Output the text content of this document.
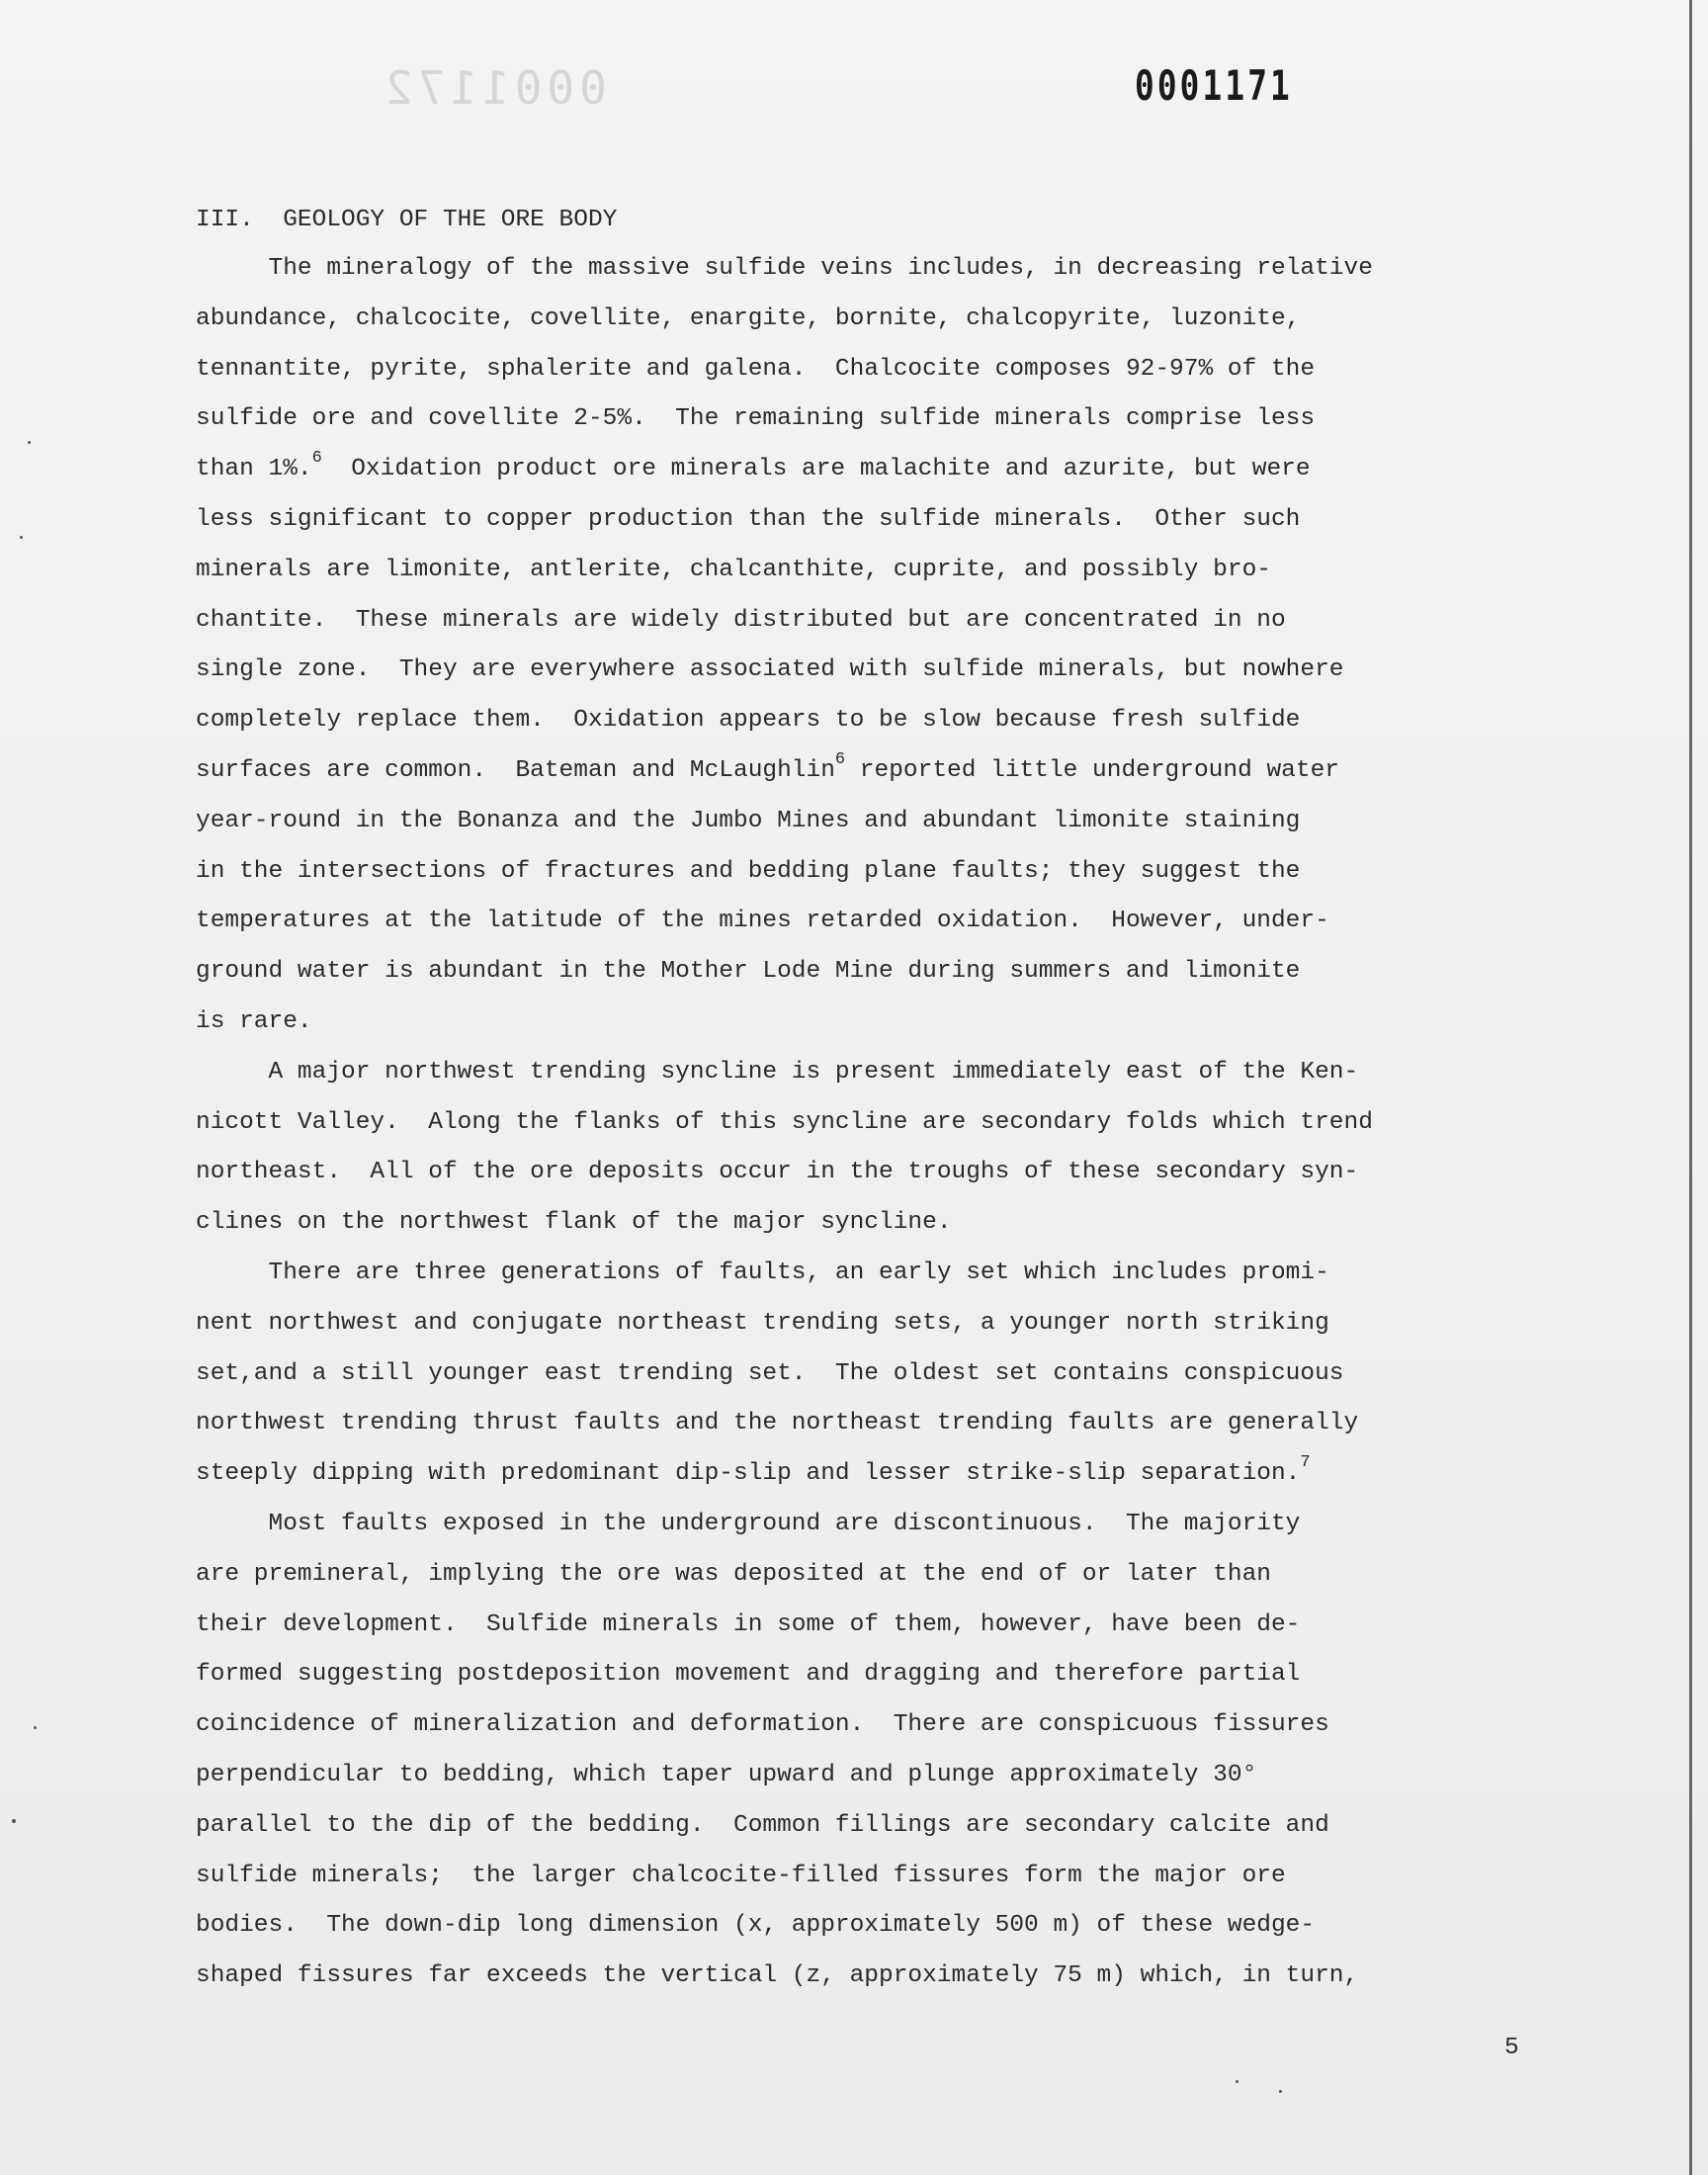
0001172	0001171
III.  GEOLOGY OF THE ORE BODY
The mineralogy of the massive sulfide veins includes, in decreasing relative
abundance, chalcocite, covellite, enargite, bornite, chalcopyrite, luzonite,
tennantite, pyrite, sphalerite and galena.  Chalcocite composes 92-97% of the
sulfide ore and covellite 2-5%.  The remaining sulfide minerals comprise less
than 1%.$^6$  Oxidation product ore minerals are malachite and azurite, but were
less significant to copper production than the sulfide minerals.  Other such
minerals are limonite, antlerite, chalcanthite, cuprite, and possibly bro-
chantite.  These minerals are widely distributed but are concentrated in no
single zone.  They are everywhere associated with sulfide minerals, but nowhere
completely replace them.  Oxidation appears to be slow because fresh sulfide
surfaces are common.  Bateman and McLaughlin$^6$ reported little underground water
year-round in the Bonanza and the Jumbo Mines and abundant limonite staining
in the intersections of fractures and bedding plane faults; they suggest the
temperatures at the latitude of the mines retarded oxidation.  However, under-
ground water is abundant in the Mother Lode Mine during summers and limonite
is rare.
A major northwest trending syncline is present immediately east of the Ken-
nicott Valley.  Along the flanks of this syncline are secondary folds which trend
northeast.  All of the ore deposits occur in the troughs of these secondary syn-
clines on the northwest flank of the major syncline.
There are three generations of faults, an early set which includes promi-
nent northwest and conjugate northeast trending sets, a younger north striking
set,and a still younger east trending set.  The oldest set contains conspicuous
northwest trending thrust faults and the northeast trending faults are generally
steeply dipping with predominant dip-slip and lesser strike-slip separation.$^7$
Most faults exposed in the underground are discontinuous.  The majority
are premineral, implying the ore was deposited at the end of or later than
their development.  Sulfide minerals in some of them, however, have been de-
formed suggesting postdeposition movement and dragging and therefore partial
coincidence of mineralization and deformation.  There are conspicuous fissures
perpendicular to bedding, which taper upward and plunge approximately 30°
parallel to the dip of the bedding.  Common fillings are secondary calcite and
sulfide minerals;  the larger chalcocite-filled fissures form the major ore
bodies.  The down-dip long dimension (x, approximately 500 m) of these wedge-
shaped fissures far exceeds the vertical (z, approximately 75 m) which, in turn,
5
